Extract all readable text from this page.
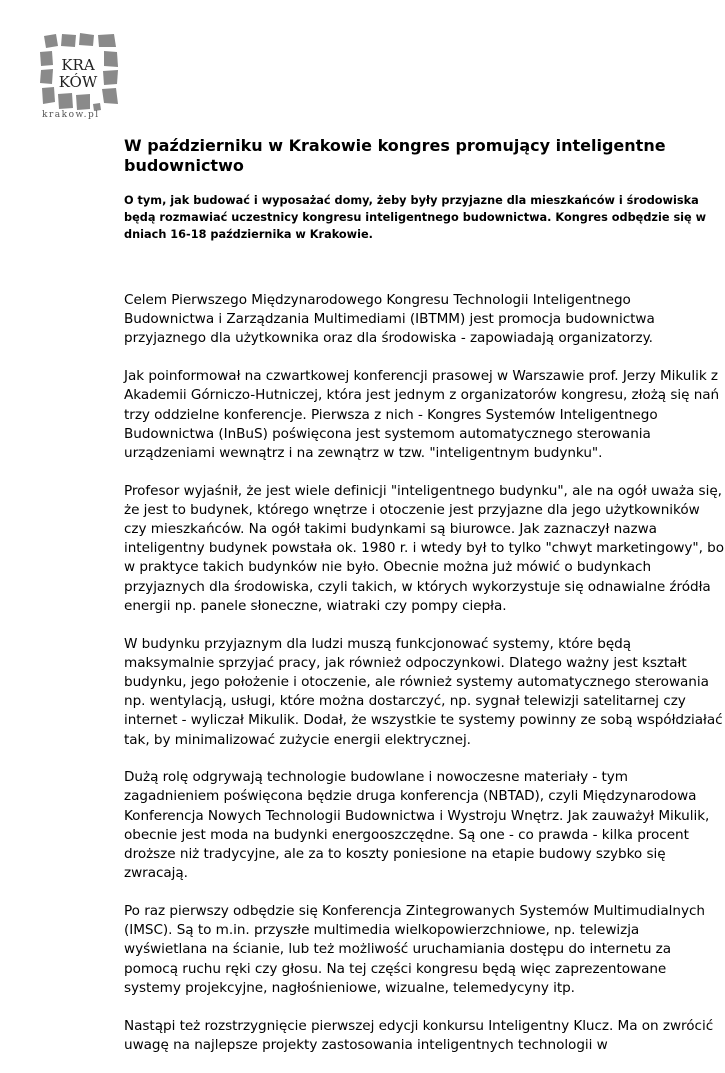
KRA
KÓW
krakow.pl
W październiku w Krakowie kongres promujący inteligentne budownictwo

O tym, jak budować i wyposażać domy, żeby były przyjazne dla mieszkańców i środowiska będą rozmawiać uczestnicy kongresu inteligentnego budownictwa. Kongres odbędzie się w dniach 16-18 października w Krakowie.

Celem Pierwszego Międzynarodowego Kongresu Technologii Inteligentnego Budownictwa i Zarządzania Multimediami (IBTMM) jest promocja budownictwa przyjaznego dla użytkownika oraz dla środowiska - zapowiadają organizatorzy.

Jak poinformował na czwartkowej konferencji prasowej w Warszawie prof. Jerzy Mikulik z Akademii Górniczo-Hutniczej, która jest jednym z organizatorów kongresu, złożą się nań trzy oddzielne konferencje. Pierwsza z nich - Kongres Systemów Inteligentnego Budownictwa (InBuS) poświęcona jest systemom automatycznego sterowania urządzeniami wewnątrz i na zewnątrz w tzw. "inteligentnym budynku".

Profesor wyjaśnił, że jest wiele definicji "inteligentnego budynku", ale na ogół uważa się, że jest to budynek, którego wnętrze i otoczenie jest przyjazne dla jego użytkowników czy mieszkańców. Na ogół takimi budynkami są biurowce. Jak zaznaczył nazwa inteligentny budynek powstała ok. 1980 r. i wtedy był to tylko "chwyt marketingowy", bo w praktyce takich budynków nie było. Obecnie można już mówić o budynkach przyjaznych dla środowiska, czyli takich, w których wykorzystuje się odnawialne źródła energii np. panele słoneczne, wiatraki czy pompy ciepła.

W budynku przyjaznym dla ludzi muszą funkcjonować systemy, które będą maksymalnie sprzyjać pracy, jak również odpoczynkowi. Dlatego ważny jest kształt budynku, jego położenie i otoczenie, ale również systemy automatycznego sterowania np. wentylacją, usługi, które można dostarczyć, np. sygnał telewizji satelitarnej czy internet - wyliczał Mikulik. Dodał, że wszystkie te systemy powinny ze sobą współdziałać tak, by minimalizować zużycie energii elektrycznej.

Dużą rolę odgrywają technologie budowlane i nowoczesne materiały - tym zagadnieniem poświęcona będzie druga konferencja (NBTAD), czyli Międzynarodowa Konferencja Nowych Technologii Budownictwa i Wystroju Wnętrz. Jak zauważył Mikulik, obecnie jest moda na budynki energooszczędne. Są one - co prawda - kilka procent droższe niż tradycyjne, ale za to koszty poniesione na etapie budowy szybko się zwracają.

Po raz pierwszy odbędzie się Konferencja Zintegrowanych Systemów Multimudialnych (IMSC). Są to m.in. przyszłe multimedia wielkopowierzchniowe, np. telewizja wyświetlana na ścianie, lub też możliwość uruchamiania dostępu do internetu za pomocą ruchu ręki czy głosu. Na tej części kongresu będą więc zaprezentowane systemy projekcyjne, nagłośnieniowe, wizualne, telemedycyny itp.

Nastąpi też rozstrzygnięcie pierwszej edycji konkursu Inteligentny Klucz. Ma on zwrócić uwagę na najlepsze projekty zastosowania inteligentnych technologii w
